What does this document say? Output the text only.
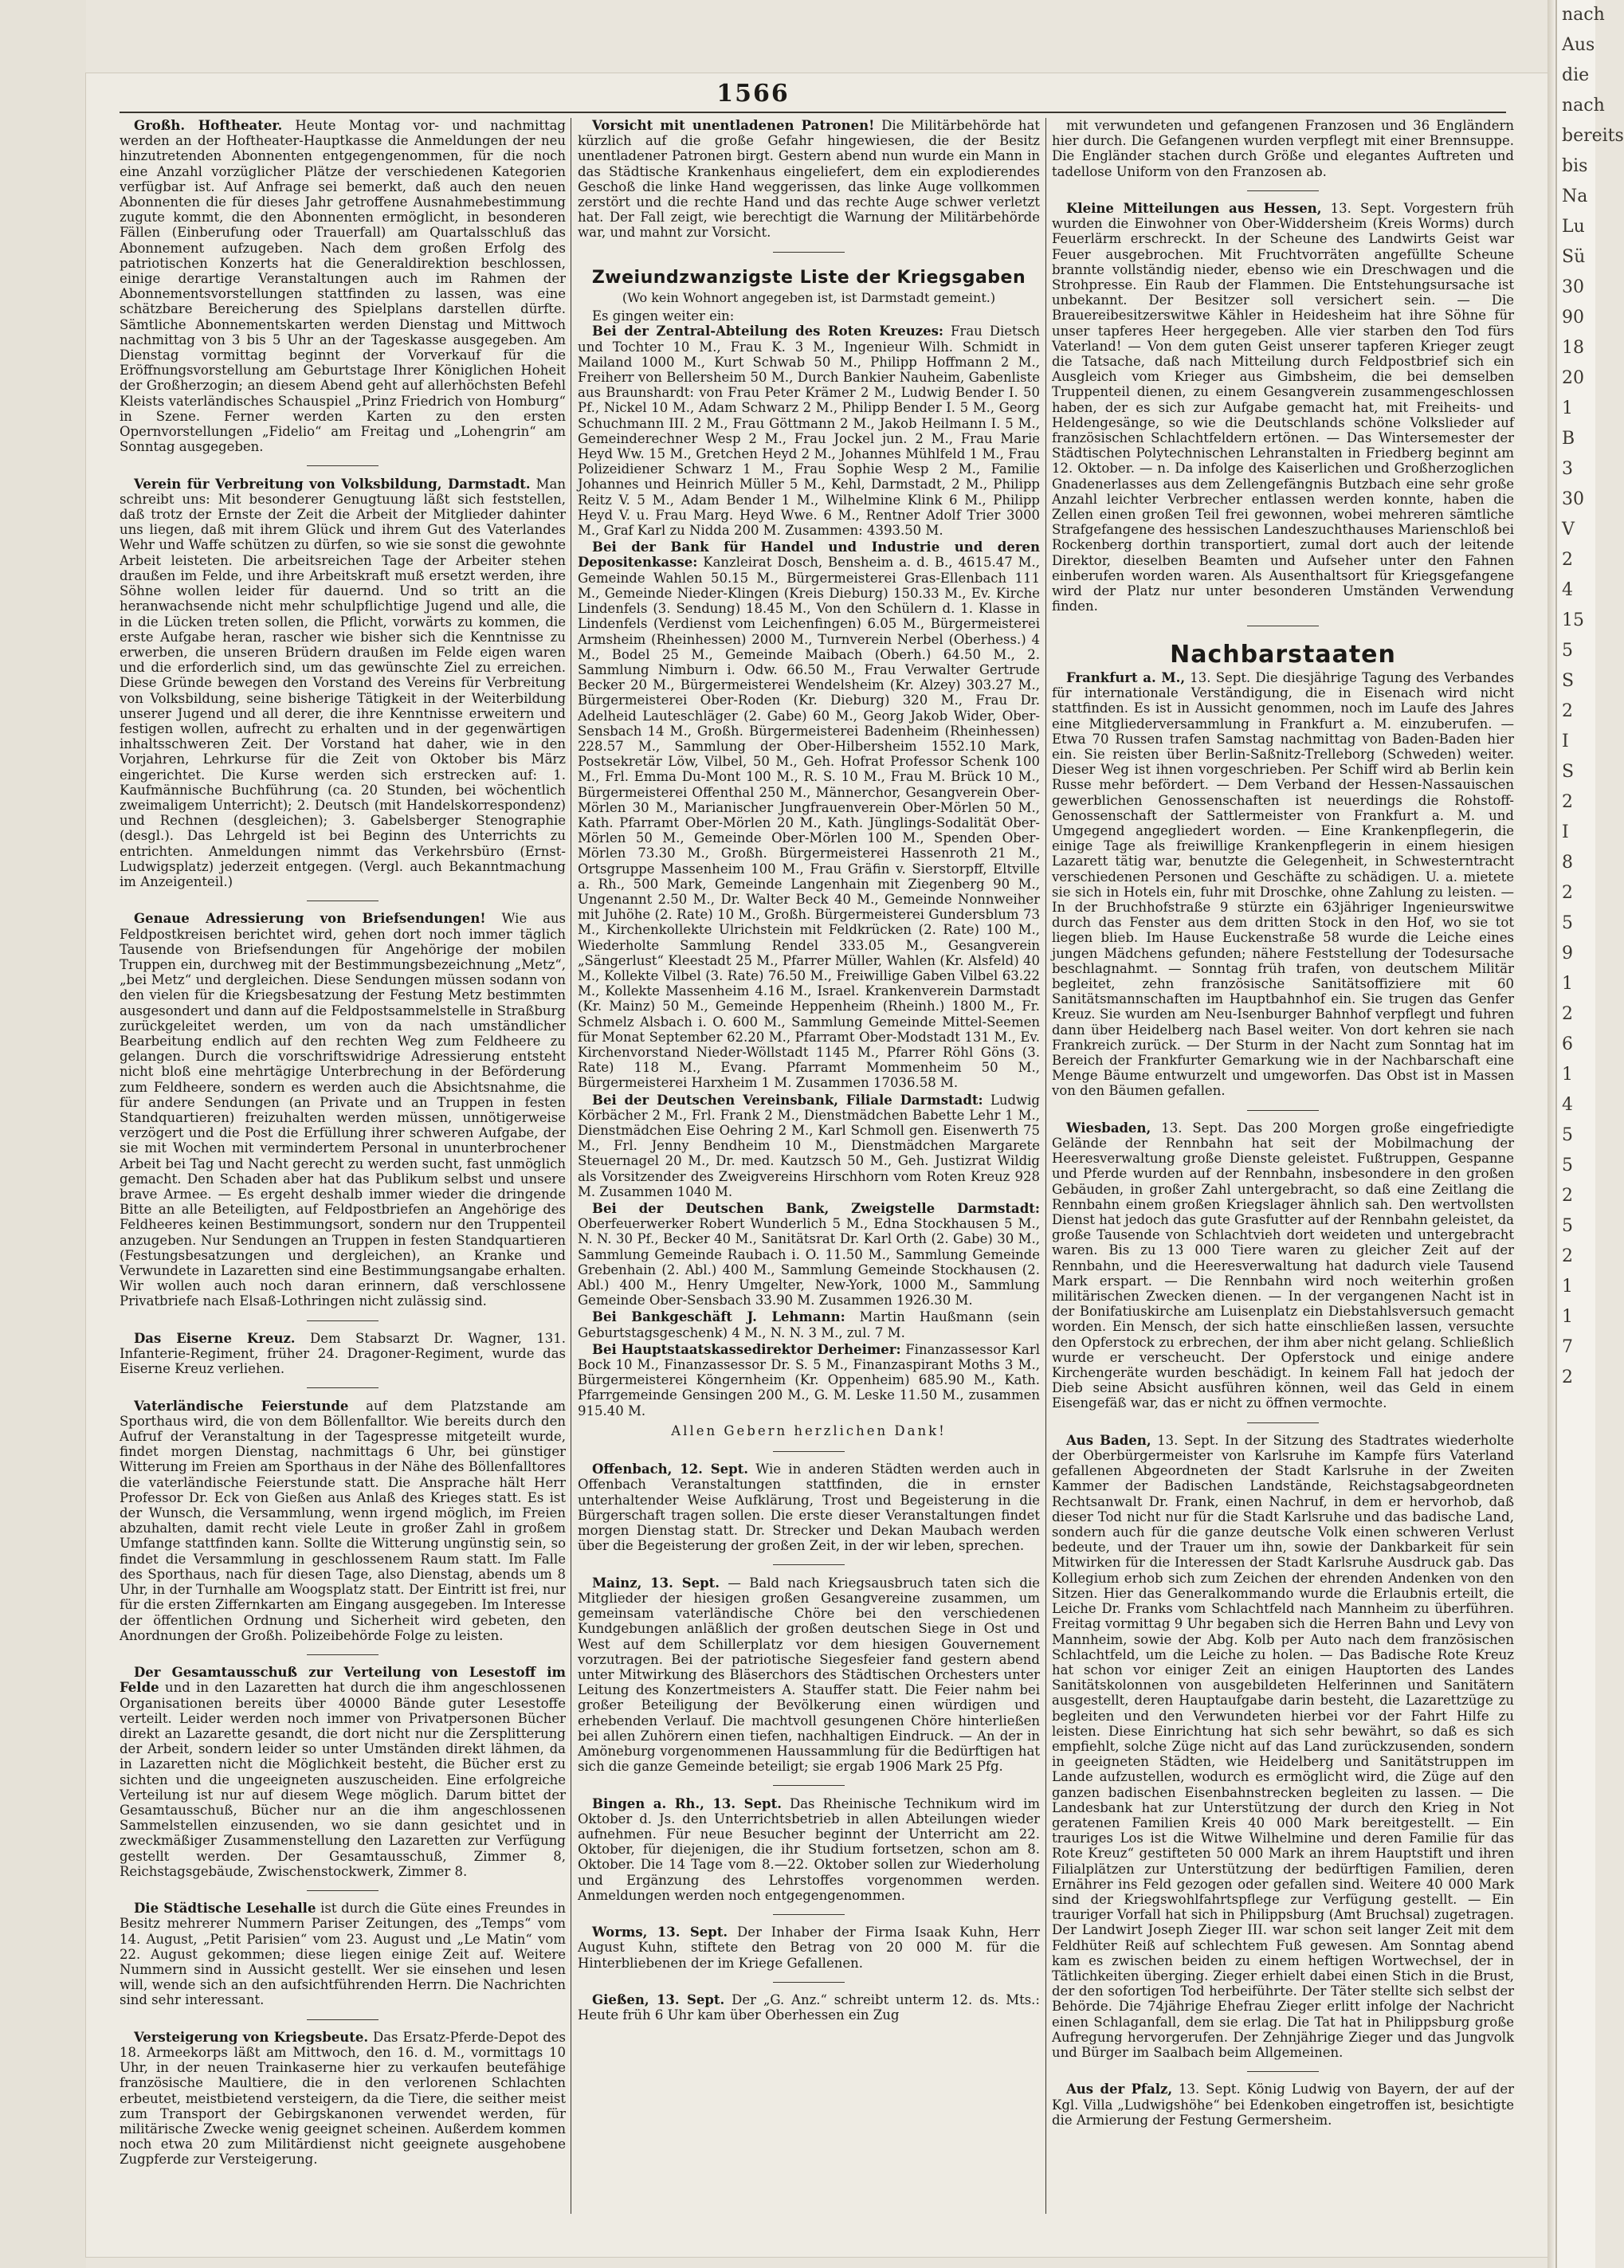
nach
Aus
die
nach
bereits
bis
Na
Lu
Sü
30
90
18
20
1
B
3
30
V
2
4
15
5
S
2
I
S
2
I
8
2
5
9
1
2
6
1
4
5
5
2
5
2
1
1
7
2
1566

Großh. Hoftheater. Heute Montag vor- und nachmittag werden an der Hoftheater-Hauptkasse die Anmeldungen der neu hinzutretenden Abonnenten entgegengenommen, für die noch eine Anzahl vorzüglicher Plätze der verschiedenen Kategorien verfügbar ist. Auf Anfrage sei bemerkt, daß auch den neuen Abonnenten die für dieses Jahr getroffene Ausnahmebestimmung zugute kommt, die den Abonnenten ermöglicht, in besonderen Fällen (Einberufung oder Trauerfall) am Quartalsschluß das Abonnement aufzugeben. Nach dem großen Erfolg des patriotischen Konzerts hat die Generaldirektion beschlossen, einige derartige Veranstaltungen auch im Rahmen der Abonnementsvorstellungen stattfinden zu lassen, was eine schätzbare Bereicherung des Spielplans darstellen dürfte. Sämtliche Abonnementskarten werden Dienstag und Mittwoch nachmittag von 3 bis 5 Uhr an der Tageskasse ausgegeben. Am Dienstag vormittag beginnt der Vorverkauf für die Eröffnungsvorstellung am Geburtstage Ihrer Königlichen Hoheit der Großherzogin; an diesem Abend geht auf allerhöchsten Befehl Kleists vaterländisches Schauspiel „Prinz Friedrich von Homburg“ in Szene. Ferner werden Karten zu den ersten Opernvorstellungen „Fidelio“ am Freitag und „Lohengrin“ am Sonntag ausgegeben.

Verein für Verbreitung von Volksbildung, Darmstadt. Man schreibt uns: Mit besonderer Genugtuung läßt sich feststellen, daß trotz der Ernste der Zeit die Arbeit der Mitglieder dahinter uns liegen, daß mit ihrem Glück und ihrem Gut des Vaterlandes Wehr und Waffe schützen zu dürfen, so wie sie sonst die gewohnte Arbeit leisteten. Die arbeitsreichen Tage der Arbeiter stehen draußen im Felde, und ihre Arbeitskraft muß ersetzt werden, ihre Söhne wollen leider für dauernd. Und so tritt an die heranwachsende nicht mehr schulpflichtige Jugend und alle, die in die Lücken treten sollen, die Pflicht, vorwärts zu kommen, die erste Aufgabe heran, rascher wie bisher sich die Kenntnisse zu erwerben, die unseren Brüdern draußen im Felde eigen waren und die erforderlich sind, um das gewünschte Ziel zu erreichen. Diese Gründe bewegen den Vorstand des Vereins für Verbreitung von Volksbildung, seine bisherige Tätigkeit in der Weiterbildung unserer Jugend und all derer, die ihre Kenntnisse erweitern und festigen wollen, aufrecht zu erhalten und in der gegenwärtigen inhaltsschweren Zeit. Der Vorstand hat daher, wie in den Vorjahren, Lehrkurse für die Zeit von Oktober bis März eingerichtet. Die Kurse werden sich erstrecken auf: 1. Kaufmännische Buchführung (ca. 20 Stunden, bei wöchentlich zweimaligem Unterricht); 2. Deutsch (mit Handelskorrespondenz) und Rechnen (desgleichen); 3. Gabelsberger Stenographie (desgl.). Das Lehrgeld ist bei Beginn des Unterrichts zu entrichten. Anmeldungen nimmt das Verkehrsbüro (Ernst-Ludwigsplatz) jederzeit entgegen. (Vergl. auch Bekanntmachung im Anzeigenteil.)

Genaue Adressierung von Briefsendungen! Wie aus Feldpostkreisen berichtet wird, gehen dort noch immer täglich Tausende von Briefsendungen für Angehörige der mobilen Truppen ein, durchweg mit der Bestimmungsbezeichnung „Metz“, „bei Metz“ und dergleichen. Diese Sendungen müssen sodann von den vielen für die Kriegsbesatzung der Festung Metz bestimmten ausgesondert und dann auf die Feldpostsammelstelle in Straßburg zurückgeleitet werden, um von da nach umständlicher Bearbeitung endlich auf den rechten Weg zum Feldheere zu gelangen. Durch die vorschriftswidrige Adressierung entsteht nicht bloß eine mehrtägige Unterbrechung in der Beförderung zum Feldheere, sondern es werden auch die Absichtsnahme, die für andere Sendungen (an Private und an Truppen in festen Standquartieren) freizuhalten werden müssen, unnötigerweise verzögert und die Post die Erfüllung ihrer schweren Aufgabe, der sie mit Wochen mit vermindertem Personal in ununterbrochener Arbeit bei Tag und Nacht gerecht zu werden sucht, fast unmöglich gemacht. Den Schaden aber hat das Publikum selbst und unsere brave Armee. — Es ergeht deshalb immer wieder die dringende Bitte an alle Beteiligten, auf Feldpostbriefen an Angehörige des Feldheeres keinen Bestimmungsort, sondern nur den Truppenteil anzugeben. Nur Sendungen an Truppen in festen Standquartieren (Festungsbesatzungen und dergleichen), an Kranke und Verwundete in Lazaretten sind eine Bestimmungsangabe erhalten. Wir wollen auch noch daran erinnern, daß verschlossene Privatbriefe nach Elsaß-Lothringen nicht zulässig sind.

Das Eiserne Kreuz. Dem Stabsarzt Dr. Wagner, 131. Infanterie-Regiment, früher 24. Dragoner-Regiment, wurde das Eiserne Kreuz verliehen.

Vaterländische Feierstunde auf dem Platzstande am Sporthaus wird, die von dem Böllenfalltor. Wie bereits durch den Aufruf der Veranstaltung in der Tagespresse mitgeteilt wurde, findet morgen Dienstag, nachmittags 6 Uhr, bei günstiger Witterung im Freien am Sporthaus in der Nähe des Böllenfalltores die vaterländische Feierstunde statt. Die Ansprache hält Herr Professor Dr. Eck von Gießen aus Anlaß des Krieges statt. Es ist der Wunsch, die Versammlung, wenn irgend möglich, im Freien abzuhalten, damit recht viele Leute in großer Zahl in großem Umfange stattfinden kann. Sollte die Witterung ungünstig sein, so findet die Versammlung in geschlossenem Raum statt. Im Falle des Sporthaus, nach für diesen Tage, also Dienstag, abends um 8 Uhr, in der Turnhalle am Woogsplatz statt. Der Eintritt ist frei, nur für die ersten Ziffernkarten am Eingang ausgegeben. Im Interesse der öffentlichen Ordnung und Sicherheit wird gebeten, den Anordnungen der Großh. Polizeibehörde Folge zu leisten.

Der Gesamtausschuß zur Verteilung von Lesestoff im Felde und in den Lazaretten hat durch die ihm angeschlossenen Organisationen bereits über 40000 Bände guter Lesestoffe verteilt. Leider werden noch immer von Privatpersonen Bücher direkt an Lazarette gesandt, die dort nicht nur die Zersplitterung der Arbeit, sondern leider so unter Umständen direkt lähmen, da in Lazaretten nicht die Möglichkeit besteht, die Bücher erst zu sichten und die ungeeigneten auszuscheiden. Eine erfolgreiche Verteilung ist nur auf diesem Wege möglich. Darum bittet der Gesamtausschuß, Bücher nur an die ihm angeschlossenen Sammelstellen einzusenden, wo sie dann gesichtet und in zweckmäßiger Zusammenstellung den Lazaretten zur Verfügung gestellt werden. Der Gesamtausschuß, Zimmer 8, Reichstagsgebäude, Zwischenstockwerk, Zimmer 8.

Die Städtische Lesehalle ist durch die Güte eines Freundes in Besitz mehrerer Nummern Pariser Zeitungen, des „Temps“ vom 14. August, „Petit Parisien“ vom 23. August und „Le Matin“ vom 22. August gekommen; diese liegen einige Zeit auf. Weitere Nummern sind in Aussicht gestellt. Wer sie einsehen und lesen will, wende sich an den aufsichtführenden Herrn. Die Nachrichten sind sehr interessant.

Versteigerung von Kriegsbeute. Das Ersatz-Pferde-Depot des 18. Armeekorps läßt am Mittwoch, den 16. d. M., vormittags 10 Uhr, in der neuen Trainkaserne hier zu verkaufen beutefähige französische Maultiere, die in den verlorenen Schlachten erbeutet, meistbietend versteigern, da die Tiere, die seither meist zum Transport der Gebirgskanonen verwendet werden, für militärische Zwecke wenig geeignet scheinen. Außerdem kommen noch etwa 20 zum Militärdienst nicht geeignete ausgehobene Zugpferde zur Versteigerung.

Vorsicht mit unentladenen Patronen! Die Militärbehörde hat kürzlich auf die große Gefahr hingewiesen, die der Besitz unentladener Patronen birgt. Gestern abend nun wurde ein Mann in das Städtische Krankenhaus eingeliefert, dem ein explodierendes Geschoß die linke Hand weggerissen, das linke Auge vollkommen zerstört und die rechte Hand und das rechte Auge schwer verletzt hat. Der Fall zeigt, wie berechtigt die Warnung der Militärbehörde war, und mahnt zur Vorsicht.

Zweiundzwanzigste Liste der Kriegsgaben
(Wo kein Wohnort angegeben ist, ist Darmstadt gemeint.)

Es gingen weiter ein:

Bei der Zentral-Abteilung des Roten Kreuzes: Frau Dietsch und Tochter 10 M., Frau K. 3 M., Ingenieur Wilh. Schmidt in Mailand 1000 M., Kurt Schwab 50 M., Philipp Hoffmann 2 M., Freiherr von Bellersheim 50 M., Durch Bankier Nauheim, Gabenliste aus Braunshardt: von Frau Peter Krämer 2 M., Ludwig Bender I. 50 Pf., Nickel 10 M., Adam Schwarz 2 M., Philipp Bender I. 5 M., Georg Schuchmann III. 2 M., Frau Göttmann 2 M., Jakob Heilmann I. 5 M., Gemeinderechner Wesp 2 M., Frau Jockel jun. 2 M., Frau Marie Heyd Ww. 15 M., Gretchen Heyd 2 M., Johannes Mühlfeld 1 M., Frau Polizeidiener Schwarz 1 M., Frau Sophie Wesp 2 M., Familie Johannes und Heinrich Müller 5 M., Kehl, Darmstadt, 2 M., Philipp Reitz V. 5 M., Adam Bender 1 M., Wilhelmine Klink 6 M., Philipp Heyd V. u. Frau Marg. Heyd Wwe. 6 M., Rentner Adolf Trier 3000 M., Graf Karl zu Nidda 200 M. Zusammen: 4393.50 M.

Bei der Bank für Handel und Industrie und deren Depositenkasse: Kanzleirat Dosch, Bensheim a. d. B., 4615.47 M., Gemeinde Wahlen 50.15 M., Bürgermeisterei Gras-Ellenbach 111 M., Gemeinde Nieder-Klingen (Kreis Dieburg) 150.33 M., Ev. Kirche Lindenfels (3. Sendung) 18.45 M., Von den Schülern d. 1. Klasse in Lindenfels (Verdienst vom Leichenfingen) 6.05 M., Bürgermeisterei Armsheim (Rheinhessen) 2000 M., Turnverein Nerbel (Oberhess.) 4 M., Bodel 25 M., Gemeinde Maibach (Oberh.) 64.50 M., 2. Sammlung Nimburn i. Odw. 66.50 M., Frau Verwalter Gertrude Becker 20 M., Bürgermeisterei Wendelsheim (Kr. Alzey) 303.27 M., Bürgermeisterei Ober-Roden (Kr. Dieburg) 320 M., Frau Dr. Adelheid Lauteschläger (2. Gabe) 60 M., Georg Jakob Wider, Ober-Sensbach 14 M., Großh. Bürgermeisterei Badenheim (Rheinhessen) 228.57 M., Sammlung der Ober-Hilbersheim 1552.10 Mark, Postsekretär Löw, Vilbel, 50 M., Geh. Hofrat Professor Schenk 100 M., Frl. Emma Du-Mont 100 M., R. S. 10 M., Frau M. Brück 10 M., Bürgermeisterei Offenthal 250 M., Männerchor, Gesangverein Ober-Mörlen 30 M., Marianischer Jungfrauenverein Ober-Mörlen 50 M., Kath. Pfarramt Ober-Mörlen 20 M., Kath. Jünglings-Sodalität Ober-Mörlen 50 M., Gemeinde Ober-Mörlen 100 M., Spenden Ober-Mörlen 73.30 M., Großh. Bürgermeisterei Hassenroth 21 M., Ortsgruppe Massenheim 100 M., Frau Gräfin v. Sierstorpff, Eltville a. Rh., 500 Mark, Gemeinde Langenhain mit Ziegenberg 90 M., Ungenannt 2.50 M., Dr. Walter Beck 40 M., Gemeinde Nonnweiher mit Juhöhe (2. Rate) 10 M., Großh. Bürgermeisterei Gundersblum 73 M., Kirchenkollekte Ulrichstein mit Feldkrücken (2. Rate) 100 M., Wiederholte Sammlung Rendel 333.05 M., Gesangverein „Sängerlust“ Kleestadt 25 M., Pfarrer Müller, Wahlen (Kr. Alsfeld) 40 M., Kollekte Vilbel (3. Rate) 76.50 M., Freiwillige Gaben Vilbel 63.22 M., Kollekte Massenheim 4.16 M., Israel. Krankenverein Darmstadt (Kr. Mainz) 50 M., Gemeinde Heppenheim (Rheinh.) 1800 M., Fr. Schmelz Alsbach i. O. 600 M., Sammlung Gemeinde Mittel-Seemen für Monat September 62.20 M., Pfarramt Ober-Modstadt 131 M., Ev. Kirchenvorstand Nieder-Wöllstadt 1145 M., Pfarrer Röhl Göns (3. Rate) 118 M., Evang. Pfarramt Mommenheim 50 M., Bürgermeisterei Harxheim 1 M. Zusammen 17036.58 M.

Bei der Deutschen Vereinsbank, Filiale Darmstadt: Ludwig Körbächer 2 M., Frl. Frank 2 M., Dienstmädchen Babette Lehr 1 M., Dienstmädchen Eise Oehring 2 M., Karl Schmoll gen. Eisenwerth 75 M., Frl. Jenny Bendheim 10 M., Dienstmädchen Margarete Steuernagel 20 M., Dr. med. Kautzsch 50 M., Geh. Justizrat Wildig als Vorsitzender des Zweigvereins Hirschhorn vom Roten Kreuz 928 M. Zusammen 1040 M.

Bei der Deutschen Bank, Zweigstelle Darmstadt: Oberfeuerwerker Robert Wunderlich 5 M., Edna Stockhausen 5 M., N. N. 30 Pf., Becker 40 M., Sanitätsrat Dr. Karl Orth (2. Gabe) 30 M., Sammlung Gemeinde Raubach i. O. 11.50 M., Sammlung Gemeinde Grebenhain (2. Abl.) 400 M., Sammlung Gemeinde Stockhausen (2. Abl.) 400 M., Henry Umgelter, New-York, 1000 M., Sammlung Gemeinde Ober-Sensbach 33.90 M. Zusammen 1926.30 M.

Bei Bankgeschäft J. Lehmann: Martin Haußmann (sein Geburtstagsgeschenk) 4 M., N. N. 3 M., zul. 7 M.

Bei Hauptstaatskassedirektor Derheimer: Finanzassessor Karl Bock 10 M., Finanzassessor Dr. S. 5 M., Finanzaspirant Moths 3 M., Bürgermeisterei Köngernheim (Kr. Oppenheim) 685.90 M., Kath. Pfarrgemeinde Gensingen 200 M., G. M. Leske 11.50 M., zusammen 915.40 M.

Allen Gebern herzlichen Dank!

Offenbach, 12. Sept. Wie in anderen Städten werden auch in Offenbach Veranstaltungen stattfinden, die in ernster unterhaltender Weise Aufklärung, Trost und Begeisterung in die Bürgerschaft tragen sollen. Die erste dieser Veranstaltungen findet morgen Dienstag statt. Dr. Strecker und Dekan Maubach werden über die Begeisterung der großen Zeit, in der wir leben, sprechen.

Mainz, 13. Sept. — Bald nach Kriegsausbruch taten sich die Mitglieder der hiesigen großen Gesangvereine zusammen, um gemeinsam vaterländische Chöre bei den verschiedenen Kundgebungen anläßlich der großen deutschen Siege in Ost und West auf dem Schillerplatz vor dem hiesigen Gouvernement vorzutragen. Bei der patriotische Siegesfeier fand gestern abend unter Mitwirkung des Bläserchors des Städtischen Orchesters unter Leitung des Konzertmeisters A. Stauffer statt. Die Feier nahm bei großer Beteiligung der Bevölkerung einen würdigen und erhebenden Verlauf. Die machtvoll gesungenen Chöre hinterließen bei allen Zuhörern einen tiefen, nachhaltigen Eindruck. — An der in Amöneburg vorgenommenen Haussammlung für die Bedürftigen hat sich die ganze Gemeinde beteiligt; sie ergab 1906 Mark 25 Pfg.

Bingen a. Rh., 13. Sept. Das Rheinische Technikum wird im Oktober d. Js. den Unterrichtsbetrieb in allen Abteilungen wieder aufnehmen. Für neue Besucher beginnt der Unterricht am 22. Oktober, für diejenigen, die ihr Studium fortsetzen, schon am 8. Oktober. Die 14 Tage vom 8.—22. Oktober sollen zur Wiederholung und Ergänzung des Lehrstoffes vorgenommen werden. Anmeldungen werden noch entgegengenommen.

Worms, 13. Sept. Der Inhaber der Firma Isaak Kuhn, Herr August Kuhn, stiftete den Betrag von 20 000 M. für die Hinterbliebenen der im Kriege Gefallenen.

Gießen, 13. Sept. Der „G. Anz.“ schreibt unterm 12. ds. Mts.: Heute früh 6 Uhr kam über Oberhessen ein Zug

mit verwundeten und gefangenen Franzosen und 36 Engländern hier durch. Die Gefangenen wurden verpflegt mit einer Brennsuppe. Die Engländer stachen durch Größe und elegantes Auftreten und tadellose Uniform von den Franzosen ab.

Kleine Mitteilungen aus Hessen, 13. Sept. Vorgestern früh wurden die Einwohner von Ober-Widdersheim (Kreis Worms) durch Feuerlärm erschreckt. In der Scheune des Landwirts Geist war Feuer ausgebrochen. Mit Fruchtvorräten angefüllte Scheune brannte vollständig nieder, ebenso wie ein Dreschwagen und die Strohpresse. Ein Raub der Flammen. Die Entstehungsursache ist unbekannt. Der Besitzer soll versichert sein. — Die Brauereibesitzerswitwe Kähler in Heidesheim hat ihre Söhne für unser tapferes Heer hergegeben. Alle vier starben den Tod fürs Vaterland! — Von dem guten Geist unserer tapferen Krieger zeugt die Tatsache, daß nach Mitteilung durch Feldpostbrief sich ein Ausgleich vom Krieger aus Gimbsheim, die bei demselben Truppenteil dienen, zu einem Gesangverein zusammengeschlossen haben, der es sich zur Aufgabe gemacht hat, mit Freiheits- und Heldengesänge, so wie die Deutschlands schöne Volkslieder auf französischen Schlachtfeldern ertönen. — Das Wintersemester der Städtischen Polytechnischen Lehranstalten in Friedberg beginnt am 12. Oktober. — n. Da infolge des Kaiserlichen und Großherzoglichen Gnadenerlasses aus dem Zellengefängnis Butzbach eine sehr große Anzahl leichter Verbrecher entlassen werden konnte, haben die Zellen einen großen Teil frei gewonnen, wobei mehreren sämtliche Strafgefangene des hessischen Landeszuchthauses Marienschloß bei Rockenberg dorthin transportiert, zumal dort auch der leitende Direktor, dieselben Beamten und Aufseher unter den Fahnen einberufen worden waren. Als Ausenthaltsort für Kriegsgefangene wird der Platz nur unter besonderen Umständen Verwendung finden.

Nachbarstaaten

Frankfurt a. M., 13. Sept. Die diesjährige Tagung des Verbandes für internationale Verständigung, die in Eisenach wird nicht stattfinden. Es ist in Aussicht genommen, noch im Laufe des Jahres eine Mitgliederversammlung in Frankfurt a. M. einzuberufen. — Etwa 70 Russen trafen Samstag nachmittag von Baden-Baden hier ein. Sie reisten über Berlin-Saßnitz-Trelleborg (Schweden) weiter. Dieser Weg ist ihnen vorgeschrieben. Per Schiff wird ab Berlin kein Russe mehr befördert. — Dem Verband der Hessen-Nassauischen gewerblichen Genossenschaften ist neuerdings die Rohstoff-Genossenschaft der Sattlermeister von Frankfurt a. M. und Umgegend angegliedert worden. — Eine Krankenpflegerin, die einige Tage als freiwillige Krankenpflegerin in einem hiesigen Lazarett tätig war, benutzte die Gelegenheit, in Schwesterntracht verschiedenen Personen und Geschäfte zu schädigen. U. a. mietete sie sich in Hotels ein, fuhr mit Droschke, ohne Zahlung zu leisten. — In der Bruchhofstraße 9 stürzte ein 63jähriger Ingenieurswitwe durch das Fenster aus dem dritten Stock in den Hof, wo sie tot liegen blieb. Im Hause Euckenstraße 58 wurde die Leiche eines jungen Mädchens gefunden; nähere Feststellung der Todesursache beschlagnahmt. — Sonntag früh trafen, von deutschem Militär begleitet, zehn französische Sanitätsoffiziere mit 60 Sanitätsmannschaften im Hauptbahnhof ein. Sie trugen das Genfer Kreuz. Sie wurden am Neu-Isenburger Bahnhof verpflegt und fuhren dann über Heidelberg nach Basel weiter. Von dort kehren sie nach Frankreich zurück. — Der Sturm in der Nacht zum Sonntag hat im Bereich der Frankfurter Gemarkung wie in der Nachbarschaft eine Menge Bäume entwurzelt und umgeworfen. Das Obst ist in Massen von den Bäumen gefallen.

Wiesbaden, 13. Sept. Das 200 Morgen große eingefriedigte Gelände der Rennbahn hat seit der Mobilmachung der Heeresverwaltung große Dienste geleistet. Fußtruppen, Gespanne und Pferde wurden auf der Rennbahn, insbesondere in den großen Gebäuden, in großer Zahl untergebracht, so daß eine Zeitlang die Rennbahn einem großen Kriegslager ähnlich sah. Den wertvollsten Dienst hat jedoch das gute Grasfutter auf der Rennbahn geleistet, da große Tausende von Schlachtvieh dort weideten und untergebracht waren. Bis zu 13 000 Tiere waren zu gleicher Zeit auf der Rennbahn, und die Heeresverwaltung hat dadurch viele Tausend Mark erspart. — Die Rennbahn wird noch weiterhin großen militärischen Zwecken dienen. — In der vergangenen Nacht ist in der Bonifatiuskirche am Luisenplatz ein Diebstahlsversuch gemacht worden. Ein Mensch, der sich hatte einschließen lassen, versuchte den Opferstock zu erbrechen, der ihm aber nicht gelang. Schließlich wurde er verscheucht. Der Opferstock und einige andere Kirchengeräte wurden beschädigt. In keinem Fall hat jedoch der Dieb seine Absicht ausführen können, weil das Geld in einem Eisengefäß war, das er nicht zu öffnen vermochte.

Aus Baden, 13. Sept. In der Sitzung des Stadtrates wiederholte der Oberbürgermeister von Karlsruhe im Kampfe fürs Vaterland gefallenen Abgeordneten der Stadt Karlsruhe in der Zweiten Kammer der Badischen Landstände, Reichstagsabgeordneten Rechtsanwalt Dr. Frank, einen Nachruf, in dem er hervorhob, daß dieser Tod nicht nur für die Stadt Karlsruhe und das badische Land, sondern auch für die ganze deutsche Volk einen schweren Verlust bedeute, und der Trauer um ihn, sowie der Dankbarkeit für sein Mitwirken für die Interessen der Stadt Karlsruhe Ausdruck gab. Das Kollegium erhob sich zum Zeichen der ehrenden Andenken von den Sitzen. Hier das Generalkommando wurde die Erlaubnis erteilt, die Leiche Dr. Franks vom Schlachtfeld nach Mannheim zu überführen. Freitag vormittag 9 Uhr begaben sich die Herren Bahn und Levy von Mannheim, sowie der Abg. Kolb per Auto nach dem französischen Schlachtfeld, um die Leiche zu holen. — Das Badische Rote Kreuz hat schon vor einiger Zeit an einigen Hauptorten des Landes Sanitätskolonnen von ausgebildeten Helferinnen und Sanitätern ausgestellt, deren Hauptaufgabe darin besteht, die Lazarettzüge zu begleiten und den Verwundeten hierbei vor der Fahrt Hilfe zu leisten. Diese Einrichtung hat sich sehr bewährt, so daß es sich empfiehlt, solche Züge nicht auf das Land zurückzusenden, sondern in geeigneten Städten, wie Heidelberg und Sanitätstruppen im Lande aufzustellen, wodurch es ermöglicht wird, die Züge auf den ganzen badischen Eisenbahnstrecken begleiten zu lassen. — Die Landesbank hat zur Unterstützung der durch den Krieg in Not geratenen Familien Kreis 40 000 Mark bereitgestellt. — Ein trauriges Los ist die Witwe Wilhelmine und deren Familie für das Rote Kreuz“ gestifteten 50 000 Mark an ihrem Hauptstift und ihren Filialplätzen zur Unterstützung der bedürftigen Familien, deren Ernährer ins Feld gezogen oder gefallen sind. Weitere 40 000 Mark sind der Kriegswohlfahrtspflege zur Verfügung gestellt. — Ein trauriger Vorfall hat sich in Philippsburg (Amt Bruchsal) zugetragen. Der Landwirt Joseph Zieger III. war schon seit langer Zeit mit dem Feldhüter Reiß auf schlechtem Fuß gewesen. Am Sonntag abend kam es zwischen beiden zu einem heftigen Wortwechsel, der in Tätlichkeiten überging. Zieger erhielt dabei einen Stich in die Brust, der den sofortigen Tod herbeiführte. Der Täter stellte sich selbst der Behörde. Die 74jährige Ehefrau Zieger erlitt infolge der Nachricht einen Schlaganfall, dem sie erlag. Die Tat hat in Philippsburg große Aufregung hervorgerufen. Der Zehnjährige Zieger und das Jungvolk und Bürger im Saalbach beim Allgemeinen.

Aus der Pfalz, 13. Sept. König Ludwig von Bayern, der auf der Kgl. Villa „Ludwigshöhe“ bei Edenkoben eingetroffen ist, besichtigte die Armierung der Festung Germersheim.
